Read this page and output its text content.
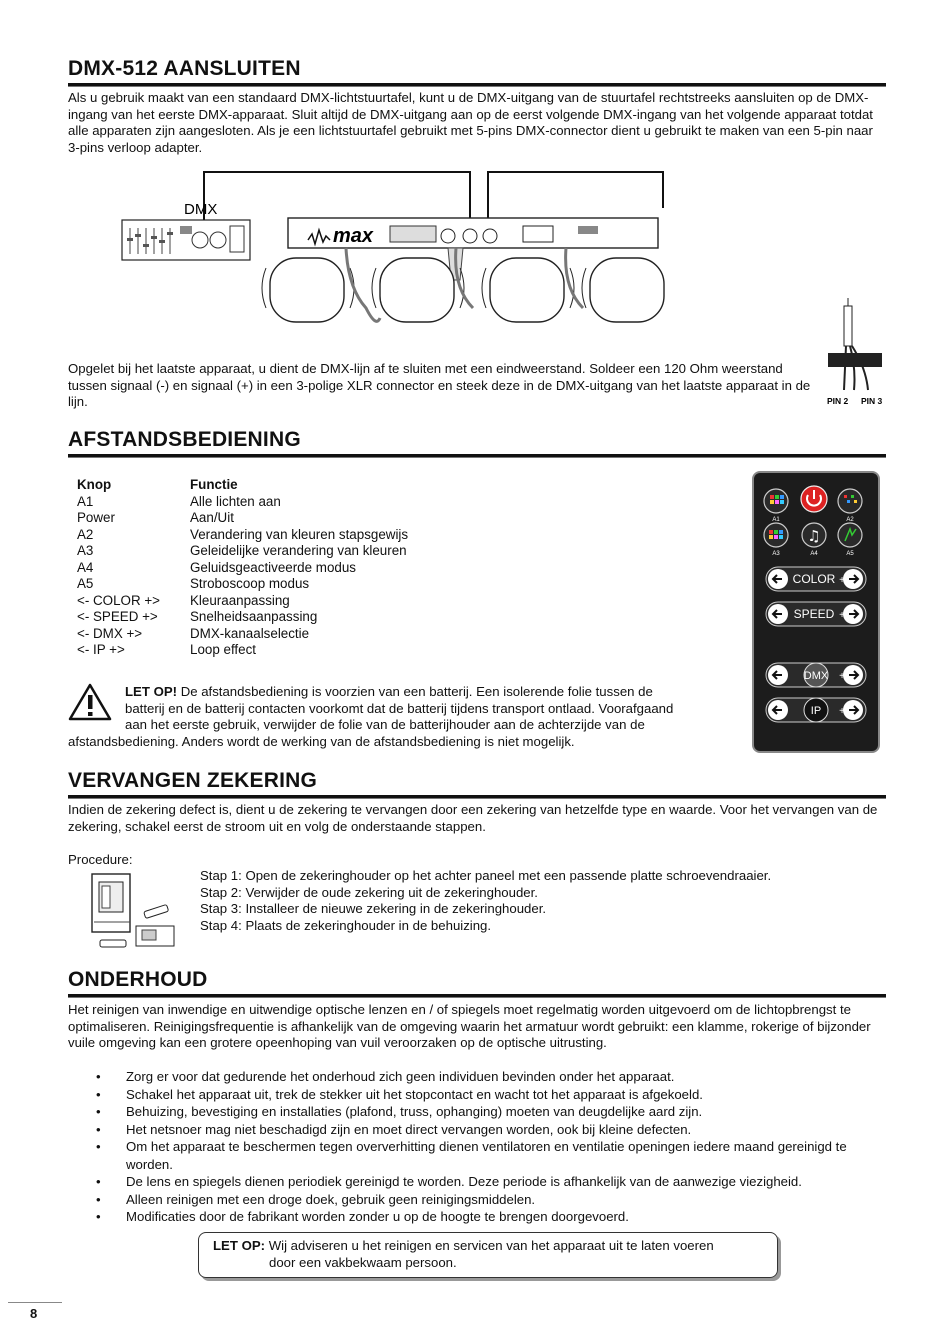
DMX-512 AANSLUITEN

Als u gebruik maakt van een standaard DMX-lichtstuurtafel, kunt u de DMX-uitgang van de stuurtafel rechtstreeks aansluiten op de DMX-ingang van het eerste DMX-apparaat. Sluit altijd de DMX-uitgang aan op de eerst volgende DMX-ingang van het volgende apparaat totdat alle apparaten zijn aangesloten. Als je een lichtstuurtafel gebruikt met 5-pins DMX-connector dient u gebruikt te maken van een 5-pin naar 3-pins verloop adapter.

DMX
max

Opgelet bij het laatste apparaat, u dient de DMX-lijn af te sluiten met een eindweerstand. Soldeer een 120 Ohm weerstand tussen signaal (-) en signaal (+) in een 3-polige XLR connector en steek deze in de DMX-uitgang van het laatste apparaat in de lijn.	PIN 2 PIN 3
AFSTANDSBEDIENING
Knop	Functie
A1	Alle lichten aan
Power	Aan/Uit
A2	Verandering van kleuren stapsgewijs
A3	Geleidelijke verandering van kleuren
A4	Geluidsgeactiveerde modus
A5	Stroboscoop modus
<- COLOR +>	Kleuraanpassing
<- SPEED +>	Snelheidsaanpassing
<- DMX +>	DMX-kanaalselectie
<- IP +>	Loop effect
LET OP! De afstandsbediening is voorzien van een batterij. Een isolerende folie tussen de
batterij en de batterij contacten voorkomt dat de batterij tijdens transport ontlaad. Voorafgaand
aan het eerste gebruik, verwijder de folie van de batterijhouder aan de achterzijde van de
afstandsbediening. Anders wordt de werking van de afstandsbediening is niet mogelijk.
A1	A2
♫
A3	A4	A5
COLOR +
SPEED +
DMX +
IP +
VERVANGEN ZEKERING

Indien de zekering defect is, dient u de zekering te vervangen door een zekering van hetzelfde type en waarde. Voor het vervangen van de zekering, schakel eerst de stroom uit en volg de onderstaande stappen.

Procedure:

Stap 1: Open de zekeringhouder op het achter paneel met een passende platte schroevendraaier.
Stap 2: Verwijder de oude zekering uit de zekeringhouder.
Stap 3: Installeer de nieuwe zekering in de zekeringhouder.
Stap 4: Plaats de zekeringhouder in de behuizing.
ONDERHOUD

Het reinigen van inwendige en uitwendige optische lenzen en / of spiegels moet regelmatig worden uitgevoerd om de lichtopbrengst te optimaliseren. Reinigingsfrequentie is afhankelijk van de omgeving waarin het armatuur wordt gebruikt: een klamme, rokerige of bijzonder vuile omgeving kan een grotere opeenhoping van vuil veroorzaken op de optische uitrusting.

• Zorg er voor dat gedurende het onderhoud zich geen individuen bevinden onder het apparaat.
• Schakel het apparaat uit, trek de stekker uit het stopcontact en wacht tot het apparaat is afgekoeld.
• Behuizing, bevestiging en installaties (plafond, truss, ophanging) moeten van deugdelijke aard zijn.
• Het netsnoer mag niet beschadigd zijn en moet direct vervangen worden, ook bij kleine defecten.
• Om het apparaat te beschermen tegen oververhitting dienen ventilatoren en ventilatie openingen iedere maand gereinigd te worden.
• De lens en spiegels dienen periodiek gereinigd te worden. Deze periode is afhankelijk van de aanwezige viezigheid.
• Alleen reinigen met een droge doek, gebruik geen reinigingsmiddelen.
• Modificaties door de fabrikant worden zonder u op de hoogte te brengen doorgevoerd.
LET OP: Wij adviseren u het reinigen en servicen van het apparaat uit te laten voeren
door een vakbekwaam persoon.
8
